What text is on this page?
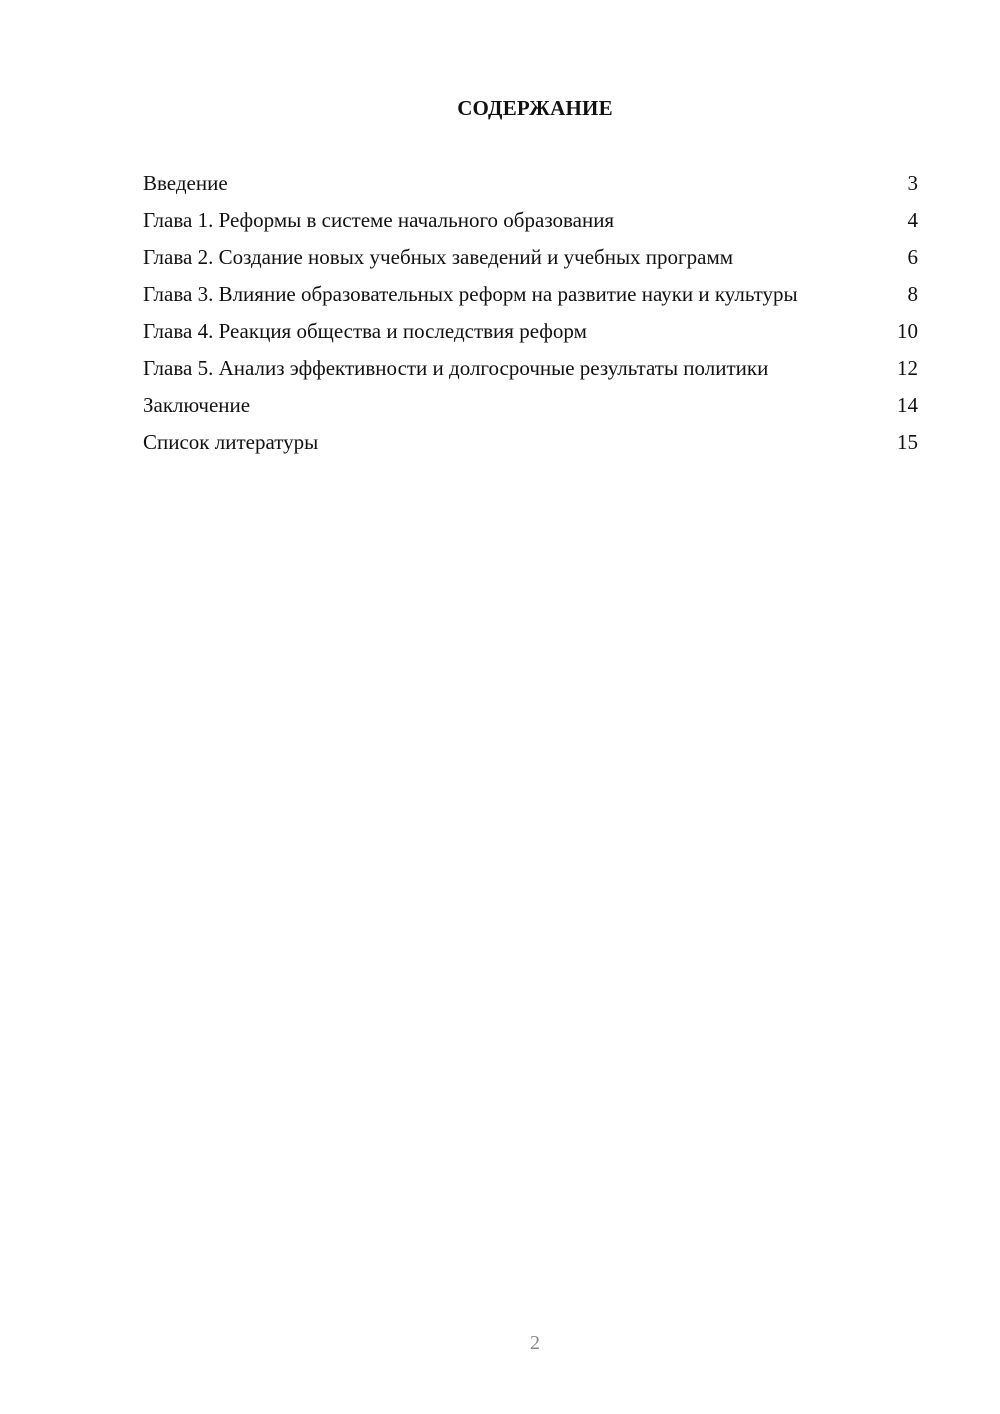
СОДЕРЖАНИЕ
Введение	3
Глава 1. Реформы в системе начального образования	4
Глава 2. Создание новых учебных заведений и учебных программ	6
Глава 3. Влияние образовательных реформ на развитие науки и культуры	8
Глава 4. Реакция общества и последствия реформ	10
Глава 5. Анализ эффективности и долгосрочные результаты политики	12
Заключение	14
Список литературы	15
2
